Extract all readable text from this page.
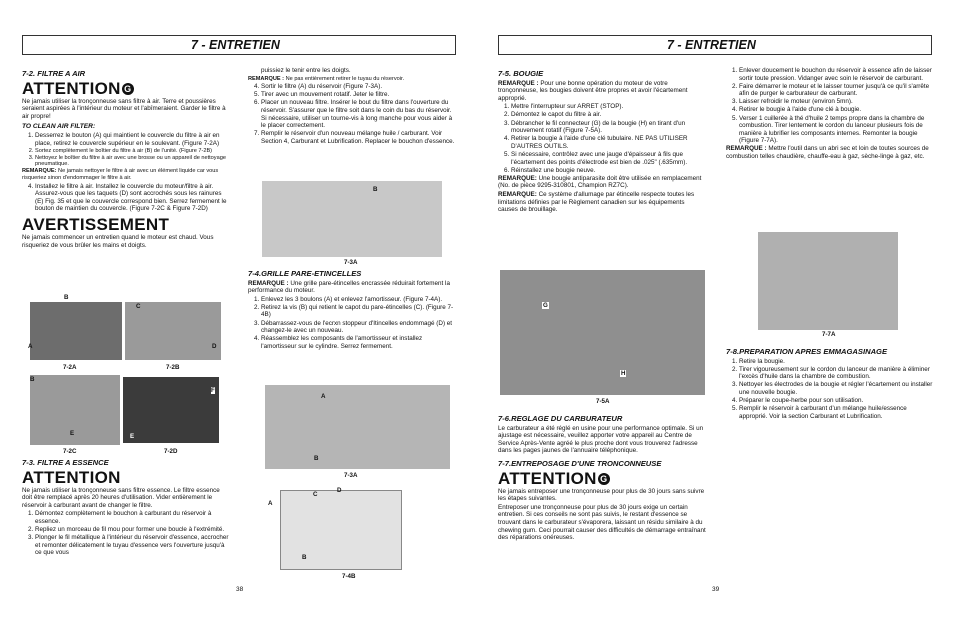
7 - ENTRETIEN
7-2. FILTRE A AIR
ATTENTION G

Ne jamais utiliser la tronçonneuse sans filtre à air. Terre et poussières seraient aspirées à l'intérieur du moteur et l'abîmeraient. Garder le filtre à air propre!

TO CLEAN AIR FILTER:
1. Desserrez le bouton (A) qui maintient le couvercle du filtre à air en place, retirez le couvercle supérieur en le soulevant. (Figure 7-2A)
2. Sortez complètement le boîtier du filtre à air (B) de l'unité. (Figure 7-2B)
3. Nettoyez le boîtier du filtre à air avec une brosse ou un appareil de nettoyage pneumatique.

REMARQUE: Ne jamais nettoyer le filtre à air avec un élément liquide car vous risqueriez sinon d'endommager le filtre à air.

4. Installez le filtre à air. Installez le couvercle du moteur/filtre à air. Assurez-vous que les taquets (D) sont accrochés sous les rainures (E) Fig. 35 et que le couvercle correspond bien. Serrez fermement le bouton de maintien du couvercle. (Figure 7-2C & Figure 7-2D)
AVERTISSEMENT

Ne jamais commencer un entretien quand le moteur est chaud. Vous risqueriez de vous brûler les mains et doigts.

B
A
7-2A
C
D
7-2B
B
E
7-2C
F
E
7-2D
7-3. FILTRE A ESSENCE
ATTENTION

Ne jamais utiliser la tronçonneuse sans filtre essence. Le filtre essence doit être remplacé après 20 heures d'utilisation. Vider entièrement le réservoir à carburant avant de changer le filtre.

1. Démontez complètement le bouchon à carburant du réservoir à essence.
2. Repliez un morceau de fil mou pour former une boucle à l'extrémité.
3. Plonger le fil métallique à l'intérieur du réservoir d'essence, accrocher et remonter délicatement le tuyau d'essence vers l'ouverture jusqu'à ce que vous

puissiez le tenir entre les doigts.

REMARQUE : Ne pas entièrement retirer le tuyau du réservoir.

4. Sortir le filtre (A) du réservoir (Figure 7-3A).
5. Tirer avec un mouvement rotatif. Jeter le filtre.
6. Placer un nouveau filtre. Insérer le bout du filtre dans l'ouverture du réservoir. S'assurer que le filtre soit dans le coin du bas du réservoir. Si nécessaire, utiliser un tourne-vis à long manche pour vous aider à le placer correctement.
7. Remplir le réservoir d'un nouveau mélange huile / carburant. Voir Section 4, Carburant et Lubrification. Replacer le bouchon d'essence.
B
7-3A
7-4.GRILLE PARE-ETINCELLES

REMARQUE : Une grille pare-étincelles encrassée réduirait fortement la performance du moteur.

1. Enlevez les 3 boulons (A) et enlevez l'amortisseur. (Figure 7-4A).
2. Retirez la vis (B) qui retient le capot du pare-étincelles (C). (Figure 7-4B)
3. Débarrassez-vous de l'ecrxn stoppeur d'Itincelles endommagé (D) et changez-le avec un nouveau.
4. Réassemblez les composants de l'amortisseur et installez l'amortisseur sur le cylindre. Serrez fermement.
A
B
7-3A
A
C
D
B
7-4B
38
7 - ENTRETIEN
7-5. BOUGIE

REMARQUE : Pour une bonne opération du moteur de votre tronçonneuse, les bougies doivent être propres et avoir l'écartement approprié.

1. Mettre l'interrupteur sur ARRET (STOP).
2. Démontez le capot du filtre à air.
3. Débrancher le fil connecteur (G) de la bougie (H) en tirant d'un mouvement rotatif (Figure 7-5A).
4. Retirer la bougie à l'aide d'une clé tubulaire. NE PAS UTILISER D'AUTRES OUTILS.
5. Si nécessaire, contrôlez avec une jauge d'épaisseur à fils que l'écartement des points d'électrode est bien de .025" (.635mm).
6. Réinstallez une bougie neuve.

REMARQUE: Une bougie antiparasite doit être utilisée en remplacement (No. de pièce 9295-310801, Champion RZ7C).

REMARQUE: Ce système d'allumage par étincelle respecte toutes les limitations définies par le Règlement canadien sur les équipements causes de brouillage.

G
H
7-5A
7-6.REGLAGE DU CARBURATEUR

Le carburateur a été réglé en usine pour une performance optimale. Si un ajustage est nécessaire, veuillez apporter votre appareil au Centre de Service Après-Vente agréé le plus proche dont vous trouverez l'adresse dans les pages jaunes de l'annuaire téléphonique.

7-7.ENTREPOSAGE D'UNE TRONCONNEUSE
ATTENTION G

Ne jamais entreposer une tronçonneuse pour plus de 30 jours sans suivre les étapes suivantes.

Entreposer une tronçonneuse pour plus de 30 jours exige un certain entretien. Si ces conseils ne sont pas suivis, le restant d'essence se trouvant dans le carburateur s'évaporera, laissant un résidu similaire à du chewing gum. Ceci pourrait causer des difficultés de démarrage entraînant des réparations onéreuses.

1. Enlever doucement le bouchon du réservoir à essence afin de laisser sortir toute pression. Vidanger avec soin le réservoir de carburant.
2. Faire démarrer le moteur et le laisser tourner jusqu'à ce qu'il s'arrête afin de purger le carburateur de carburant.
3. Laisser refroidir le moteur (environ 5mn).
4. Retirer le bougie à l'aide d'une clé à bougie.
5. Verser 1 cuillerée à thé d'huile 2 temps propre dans la chambre de combustion. Tirer lentement le cordon du lanceur plusieurs fois de manière à lubrifier les composants internes. Remonter la bougie (Figure 7-7A).

REMARQUE : Mettre l'outil dans un abri sec et loin de toutes sources de combustion telles chaudière, chauffe-eau à gaz, sèche-linge à gaz, etc.

7-7A
7-8.PREPARATION APRES EMMAGASINAGE
1. Retire la bougie.
2. Tirer vigoureusement sur le cordon du lanceur de manière à éliminer l'excès d'huile dans la chambre de combustion.
3. Nettoyer les électrodes de la bougie et régler l'écartement ou installer une nouvelle bougie.
4. Préparer le coupe-herbe pour son utilisation.
5. Remplir le réservoir à carburant d'un mélange huile/essence approprié. Voir la section Carburant et Lubrification.
39
